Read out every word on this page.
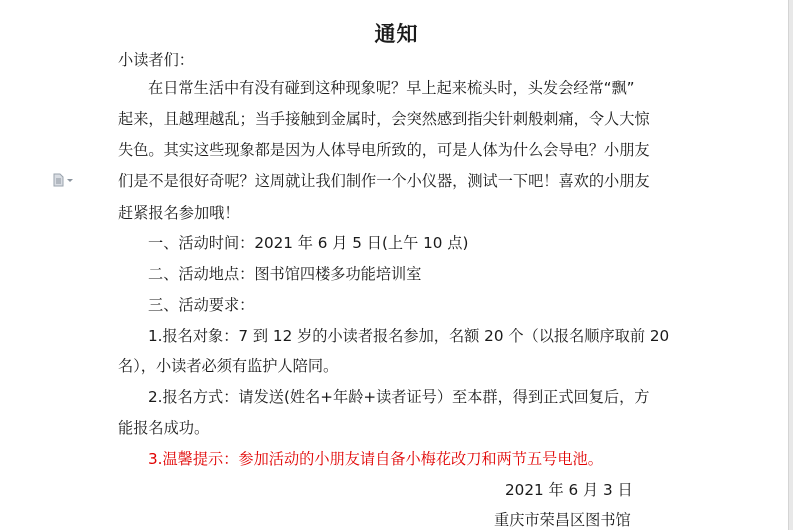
通知
小读者们：
在日常生活中有没有碰到这种现象呢？早上起来梳头时，头发会经常“飘”
起来，且越理越乱；当手接触到金属时，会突然感到指尖针刺般刺痛，令人大惊
失色。其实这些现象都是因为人体导电所致的，可是人体为什么会导电？小朋友
们是不是很好奇呢？这周就让我们制作一个小仪器，测试一下吧！喜欢的小朋友
赶紧报名参加哦！
一、活动时间：2021 年 6 月 5 日(上午 10 点)
二、活动地点：图书馆四楼多功能培训室
三、活动要求：
1.报名对象：7 到 12 岁的小读者报名参加，名额 20 个（以报名顺序取前 20
名），小读者必须有监护人陪同。
2.报名方式：请发送(姓名+年龄+读者证号）至本群，得到正式回复后，方
能报名成功。
3.温馨提示：参加活动的小朋友请自备小梅花改刀和两节五号电池。
2021 年 6 月 3 日
重庆市荣昌区图书馆
